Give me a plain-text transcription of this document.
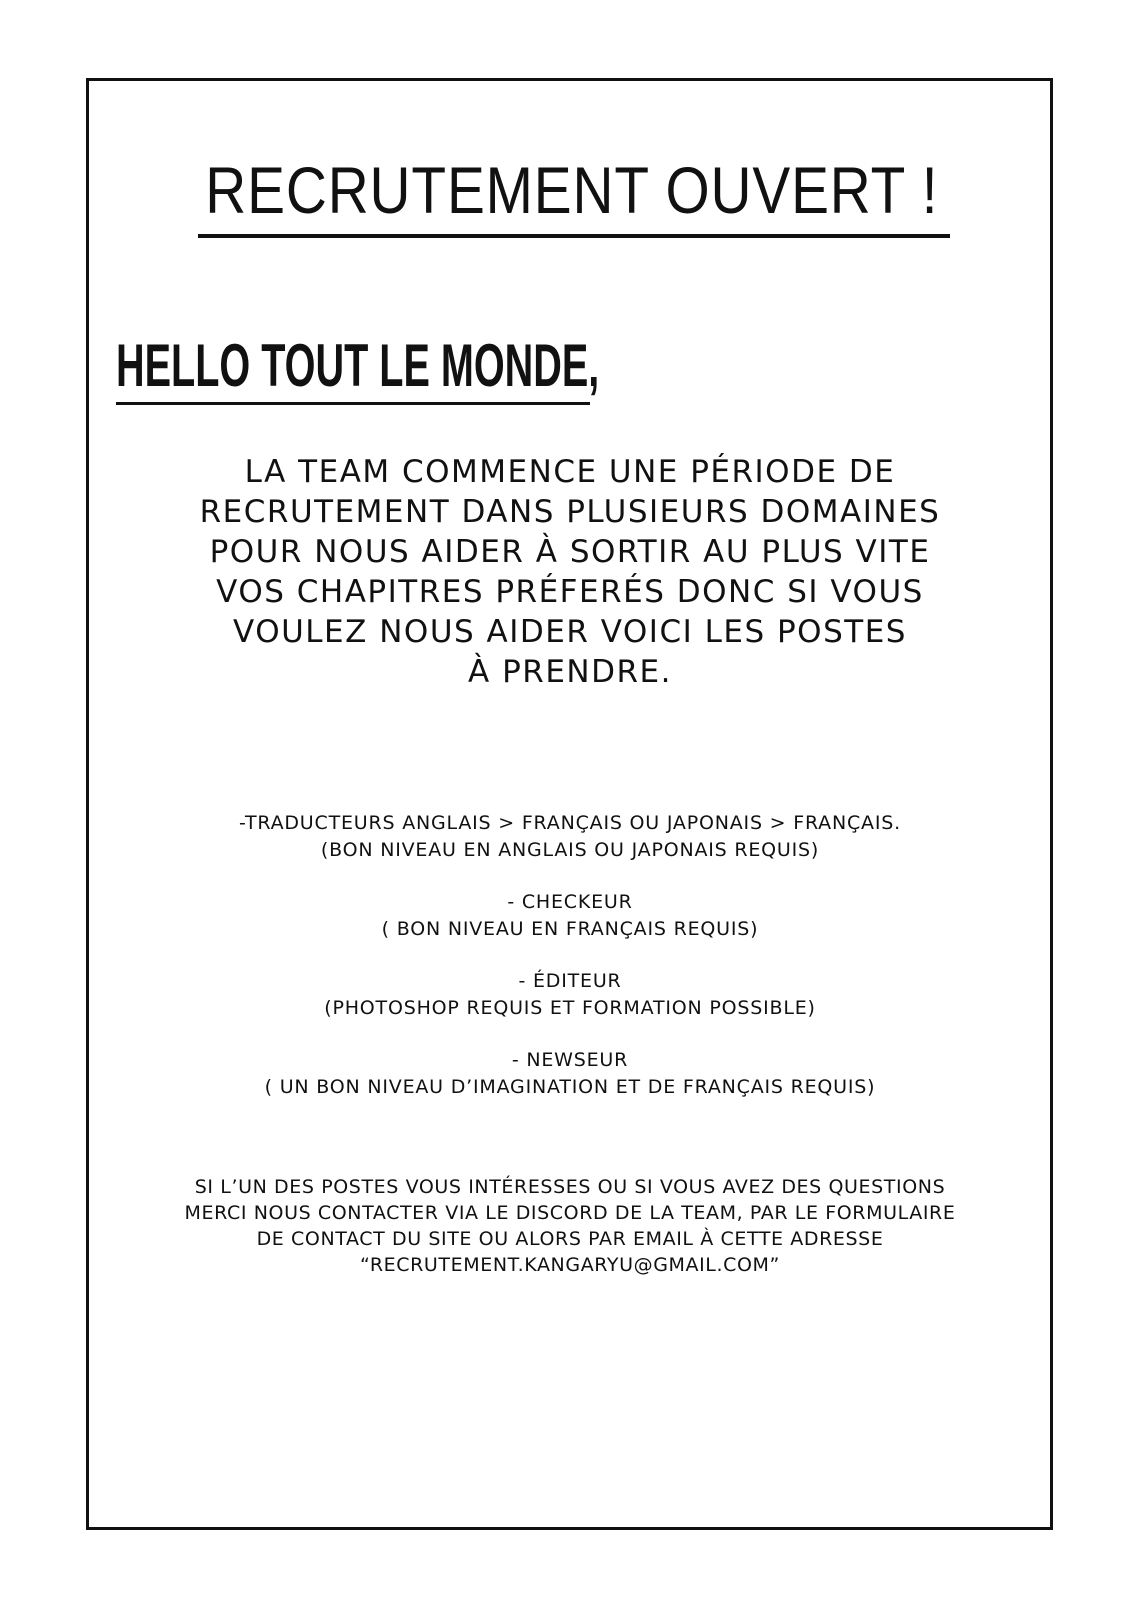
RECRUTEMENT OUVERT !
HELLO TOUT LE MONDE,
LA TEAM COMMENCE UNE PÉRIODE DE
RECRUTEMENT DANS PLUSIEURS DOMAINES
POUR NOUS AIDER À SORTIR AU PLUS VITE
VOS CHAPITRES PRÉFERÉS DONC SI VOUS
VOULEZ NOUS AIDER VOICI LES POSTES
À PRENDRE.
-TRADUCTEURS ANGLAIS > FRANÇAIS OU JAPONAIS > FRANÇAIS.
(BON NIVEAU EN ANGLAIS OU JAPONAIS REQUIS)
- CHECKEUR
( BON NIVEAU EN FRANÇAIS REQUIS)
- ÉDITEUR
(PHOTOSHOP REQUIS ET FORMATION POSSIBLE)
- NEWSEUR
( UN BON NIVEAU D’IMAGINATION ET DE FRANÇAIS REQUIS)
SI L’UN DES POSTES VOUS INTÉRESSES OU SI VOUS AVEZ DES QUESTIONS
MERCI NOUS CONTACTER VIA LE DISCORD DE LA TEAM, PAR LE FORMULAIRE
DE CONTACT DU SITE OU ALORS PAR EMAIL À CETTE ADRESSE
“RECRUTEMENT.KANGARYU@GMAIL.COM”
